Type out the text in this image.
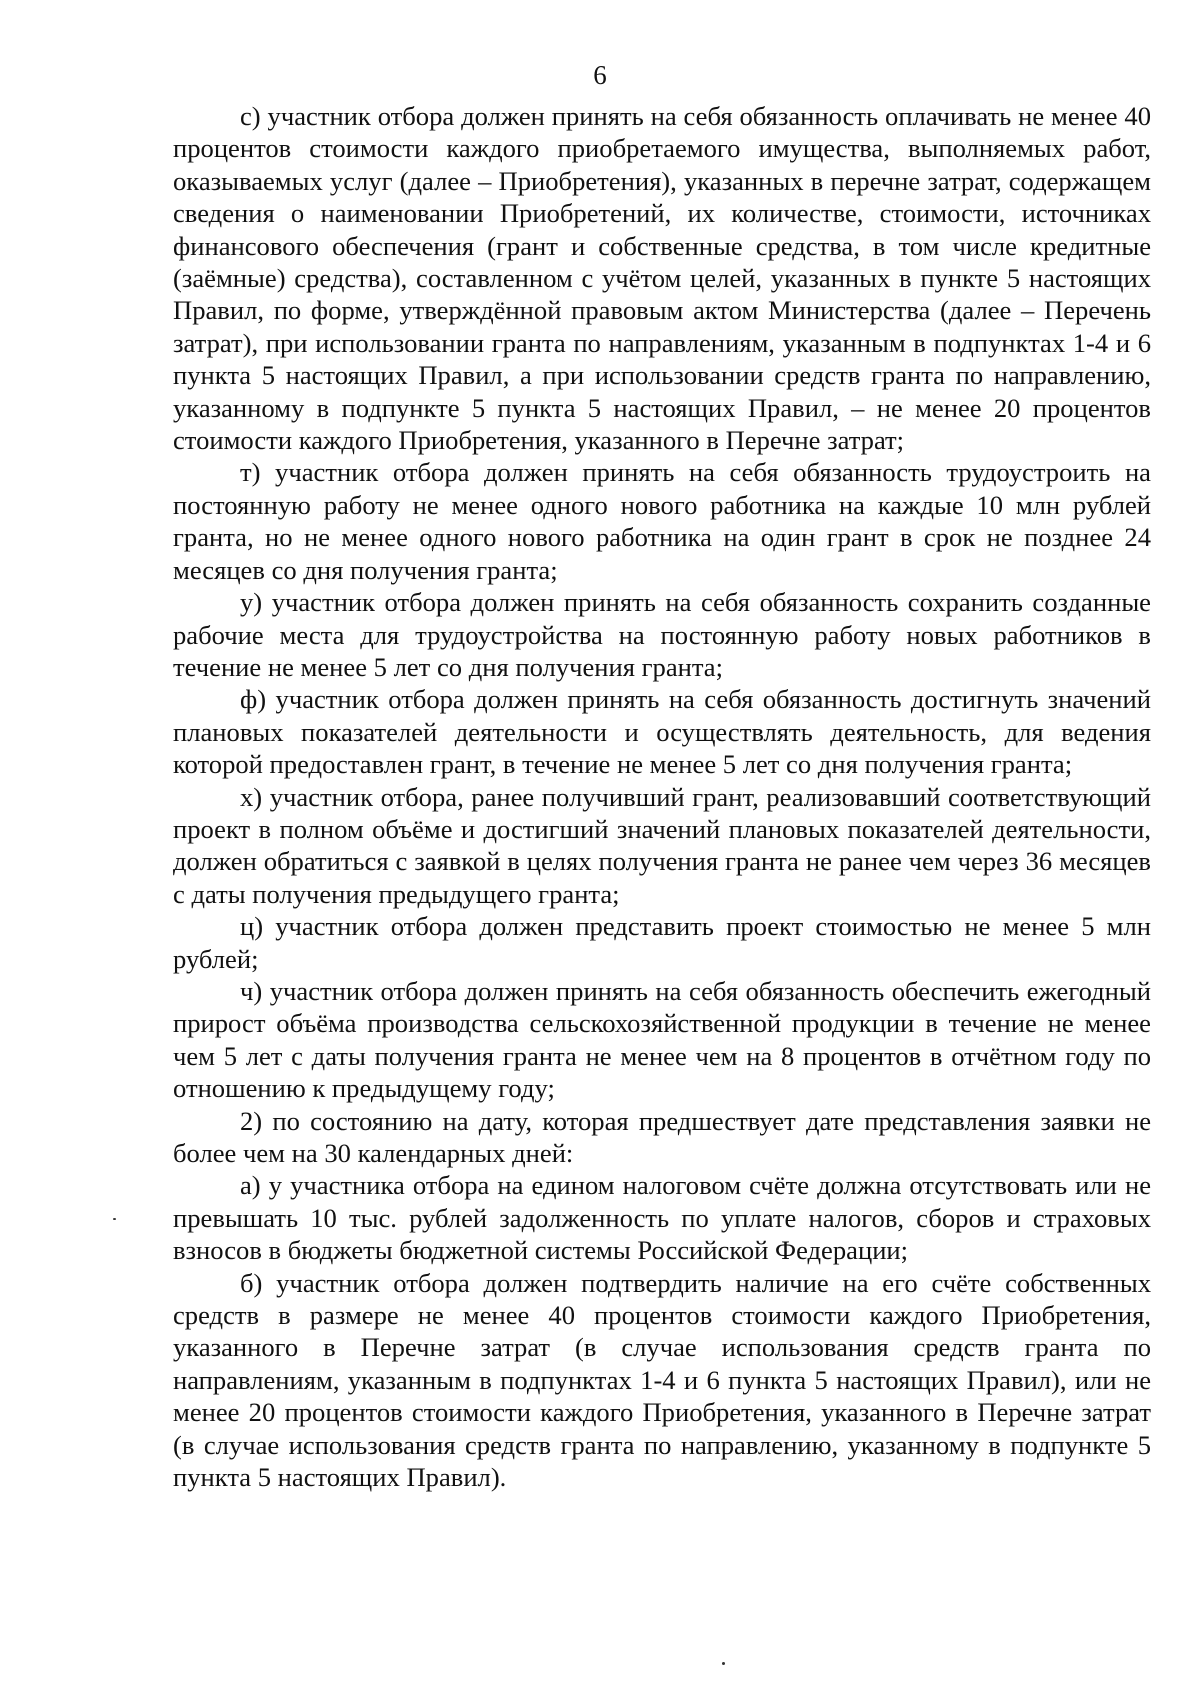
6

с) участник отбора должен принять на себя обязанность оплачивать не менее 40 процентов стоимости каждого приобретаемого имущества, выполняемых работ, оказываемых услуг (далее – Приобретения), указанных в перечне затрат, содержащем сведения о наименовании Приобретений, их количестве, стоимости, источниках финансового обеспечения (грант и собственные средства, в том числе кредитные (заёмные) средства), составленном с учётом целей, указанных в пункте 5 настоящих Правил, по форме, утверждённой правовым актом Министерства (далее – Перечень затрат), при использовании гранта по направлениям, указанным в подпунктах 1-4 и 6 пункта 5 настоящих Правил, а при использовании средств гранта по направлению, указанному в подпункте 5 пункта 5 настоящих Правил, – не менее 20 процентов стоимости каждого Приобретения, указанного в Перечне затрат;

т) участник отбора должен принять на себя обязанность трудоустроить на постоянную работу не менее одного нового работника на каждые 10 млн рублей гранта, но не менее одного нового работника на один грант в срок не позднее 24 месяцев со дня получения гранта;

у) участник отбора должен принять на себя обязанность сохранить созданные рабочие места для трудоустройства на постоянную работу новых работников в течение не менее 5 лет со дня получения гранта;

ф) участник отбора должен принять на себя обязанность достигнуть значений плановых показателей деятельности и осуществлять деятельность, для ведения которой предоставлен грант, в течение не менее 5 лет со дня получения гранта;

х) участник отбора, ранее получивший грант, реализовавший соответствующий проект в полном объёме и достигший значений плановых показателей деятельности, должен обратиться с заявкой в целях получения гранта не ранее чем через 36 месяцев с даты получения предыдущего гранта;

ц) участник отбора должен представить проект стоимостью не менее 5 млн рублей;

ч) участник отбора должен принять на себя обязанность обеспечить ежегодный прирост объёма производства сельскохозяйственной продукции в течение не менее чем 5 лет с даты получения гранта не менее чем на 8 процентов в отчётном году по отношению к предыдущему году;

2) по состоянию на дату, которая предшествует дате представления заявки не более чем на 30 календарных дней:

а) у участника отбора на едином налоговом счёте должна отсутствовать или не превышать 10 тыс. рублей задолженность по уплате налогов, сборов и страховых взносов в бюджеты бюджетной системы Российской Федерации;

б) участник отбора должен подтвердить наличие на его счёте собственных средств в размере не менее 40 процентов стоимости каждого Приобретения, указанного в Перечне затрат (в случае использования средств гранта по направлениям, указанным в подпунктах 1-4 и 6 пункта 5 настоящих Правил), или не менее 20 процентов стоимости каждого Приобретения, указанного в Перечне затрат (в случае использования средств гранта по направлению, указанному в подпункте 5 пункта 5 настоящих Правил).
